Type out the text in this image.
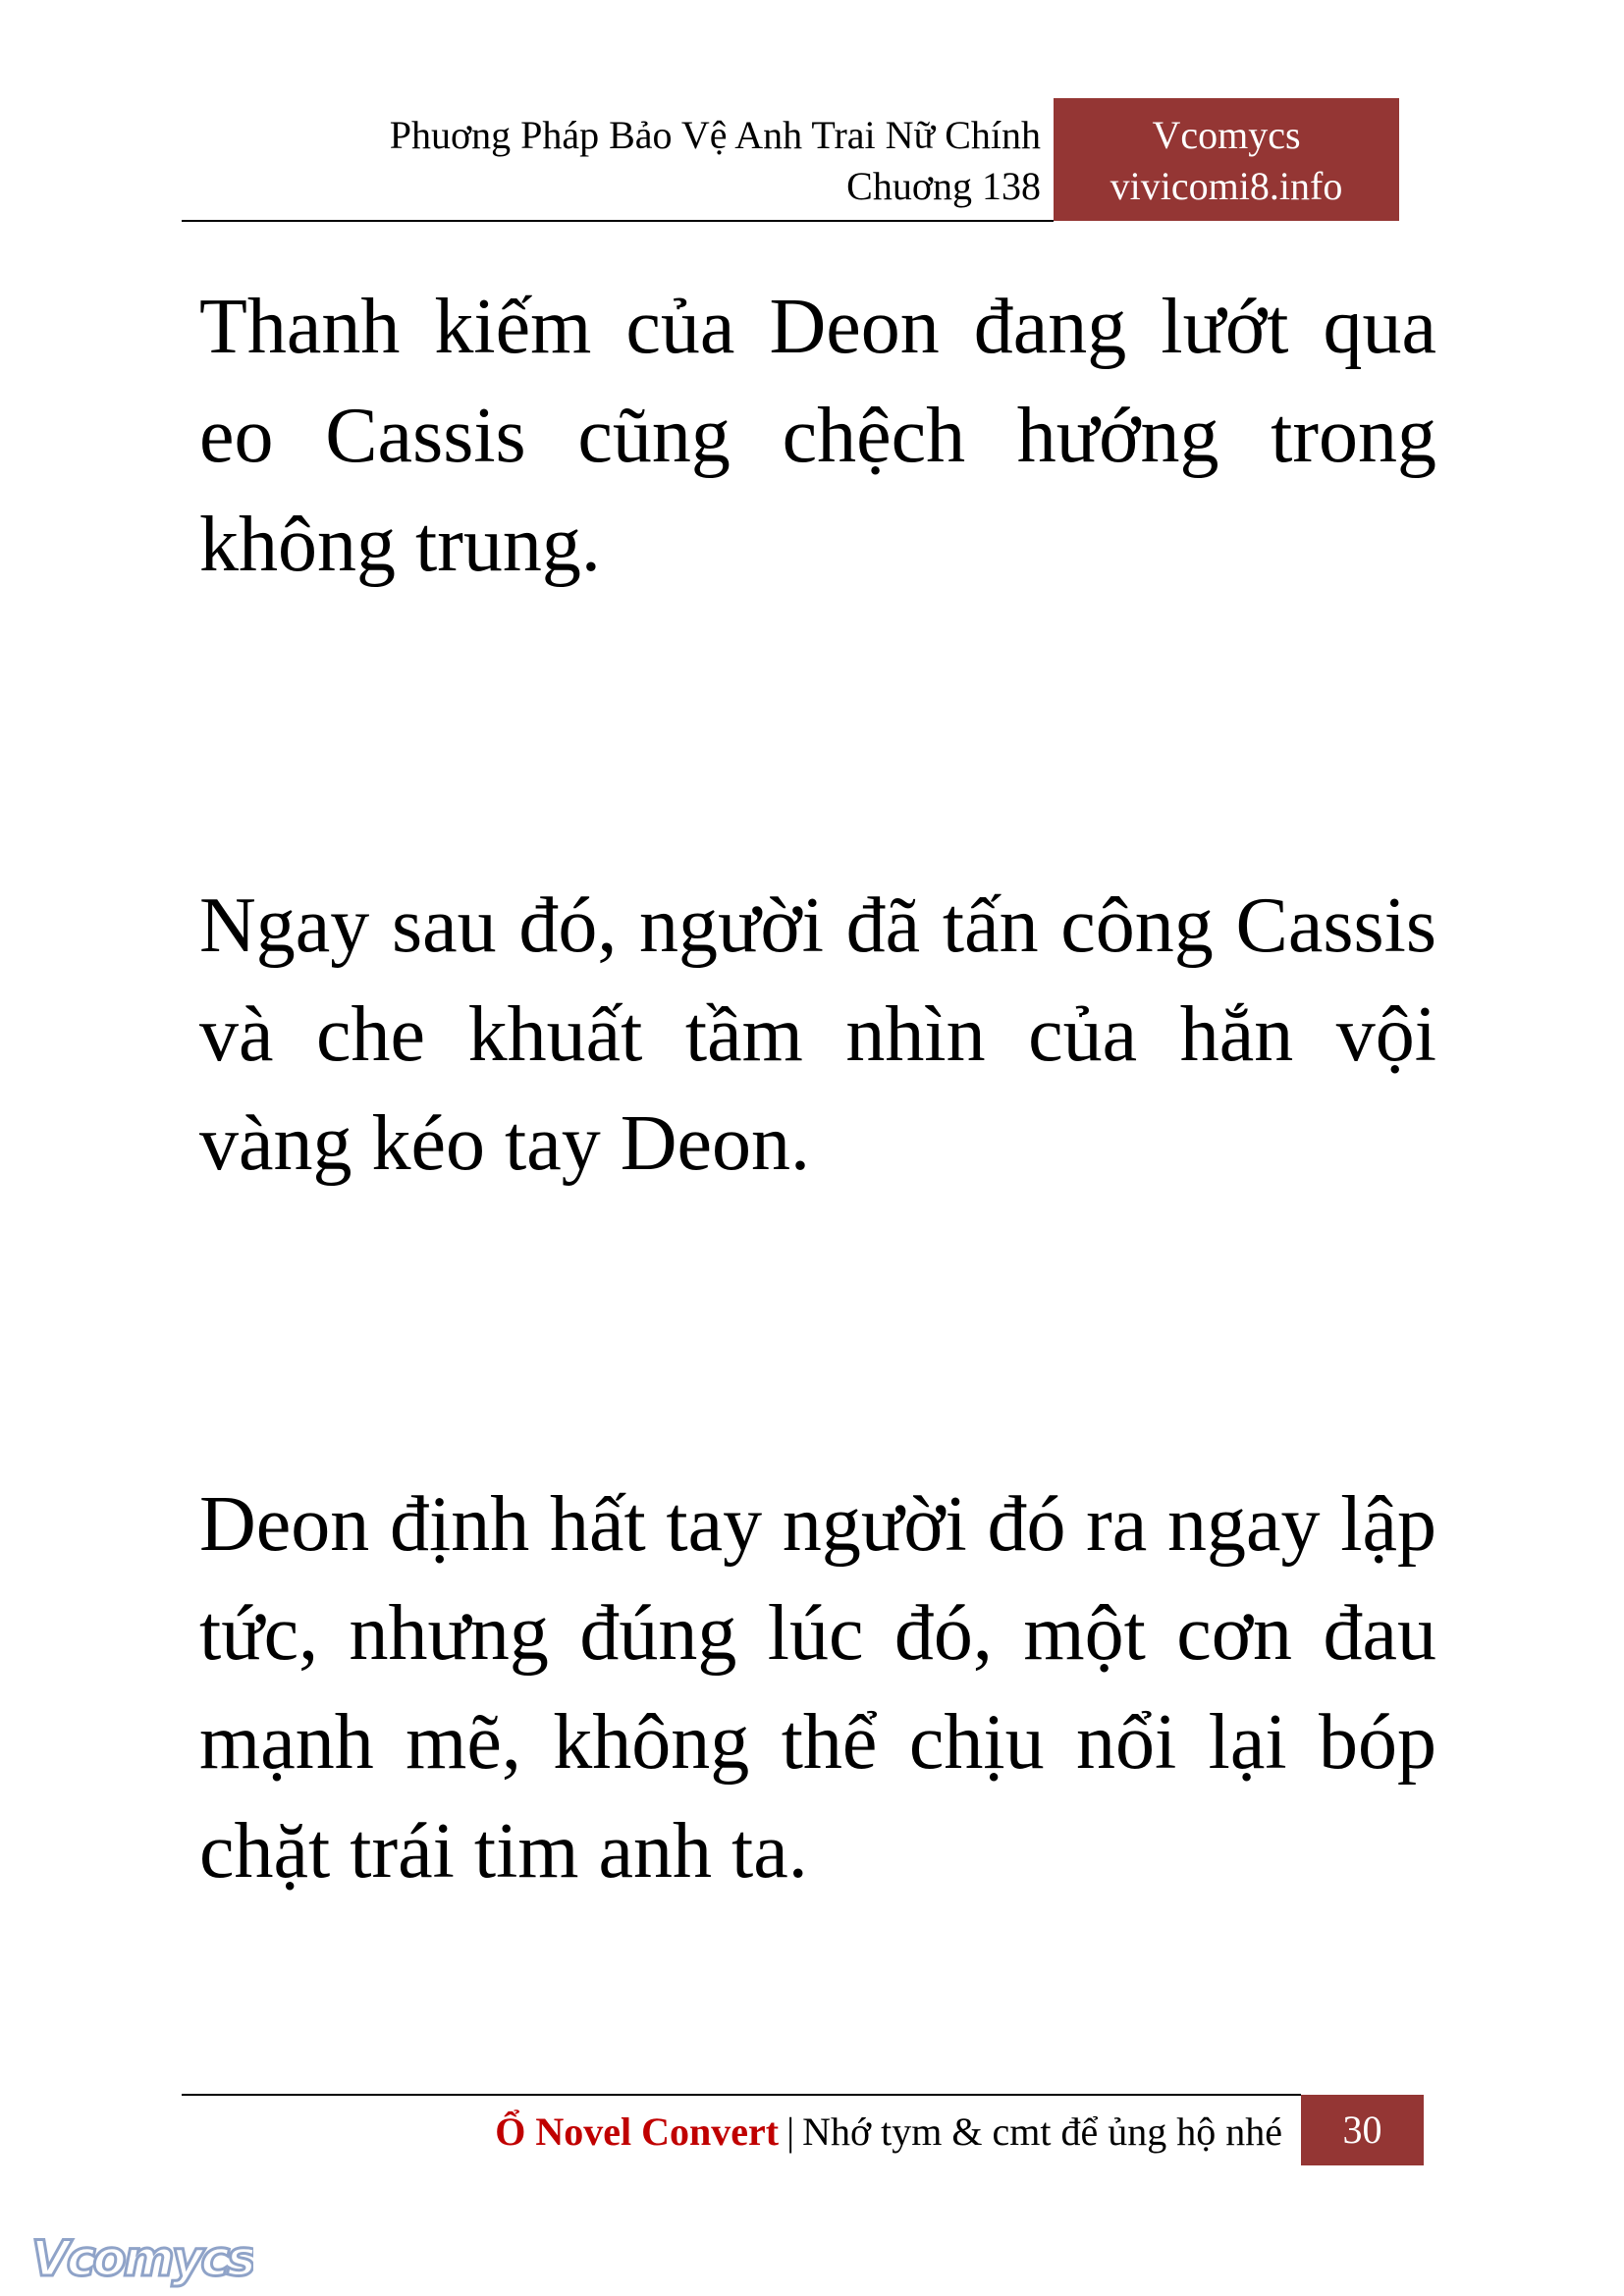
Phuơng Pháp Bảo Vệ Anh Trai Nữ Chính
Chuơng 138
Vcomycs
vivicomi8.info

Thanh kiếm của Deon đang lướt qua eo Cassis cũng chệch hướng trong không trung.

Ngay sau đó, người đã tấn công Cassis và che khuất tầm nhìn của hắn vội vàng kéo tay Deon.

Deon định hất tay người đó ra ngay lập tức, nhưng đúng lúc đó, một cơn đau mạnh mẽ, không thể chịu nổi lại bóp chặt trái tim anh ta.

Ổ Novel Convert | Nhớ tym & cmt để ủng hộ nhé	30
Vcomycs
